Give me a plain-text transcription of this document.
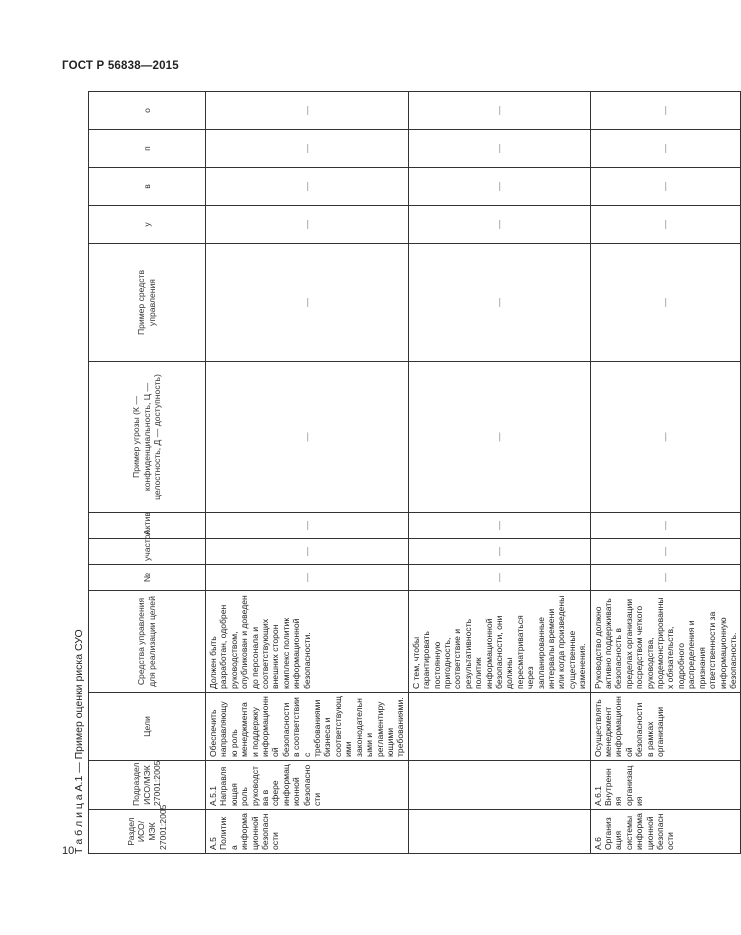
ГОСТ Р 56838—2015
Т а б л и ц а А.1 — Пример оценки риска СУО	Раздел ИСО/МЭК 27001:2005	Подраздел ИСО/МЭК 27001:2005	Цели	Средства управления для реализации целей	№	участок	Актив	Пример угрозы (К — конфиденциальность, Ц — целостность, Д — доступность)	Пример средств управления	у	в	п	о
А.5 Политика информационной безопасности	А.5.1 Направляющая роль руководства в сфере информационной безопасности	Обеспечить направляющую роль менеджмента и поддержку информационной безопасности в соответствии с требованиями бизнеса и соответствующими законодательными и регламентирующими требованиями.	Должен быть разработан, одобрен руководством, опубликован и доведен до персонала и соответствующих внешних сторон комплекс политик информационной безопасности.	—	—	—	—	—	—	—	—	—
			С тем, чтобы гарантировать постоянную пригодность, соответствие и результативность политик информационной безопасности, они должны пересматриваться через запланированные интервалы времени или когда произведены существенные изменения.	—	—	—	—	—	—	—	—	—
А.6 Организация системы информационной безопасности	А.6.1 Внутренняя организация	Осуществлять менеджмент информационной безопасности в рамках организации	Руководство должно активно поддерживать безопасность в пределах организации посредством четкого руководства, продемонстрированных обязательств, подробного распределения и признания ответственности за информационную безопасность.	—	—	—	—	—	—	—	—	—
10
